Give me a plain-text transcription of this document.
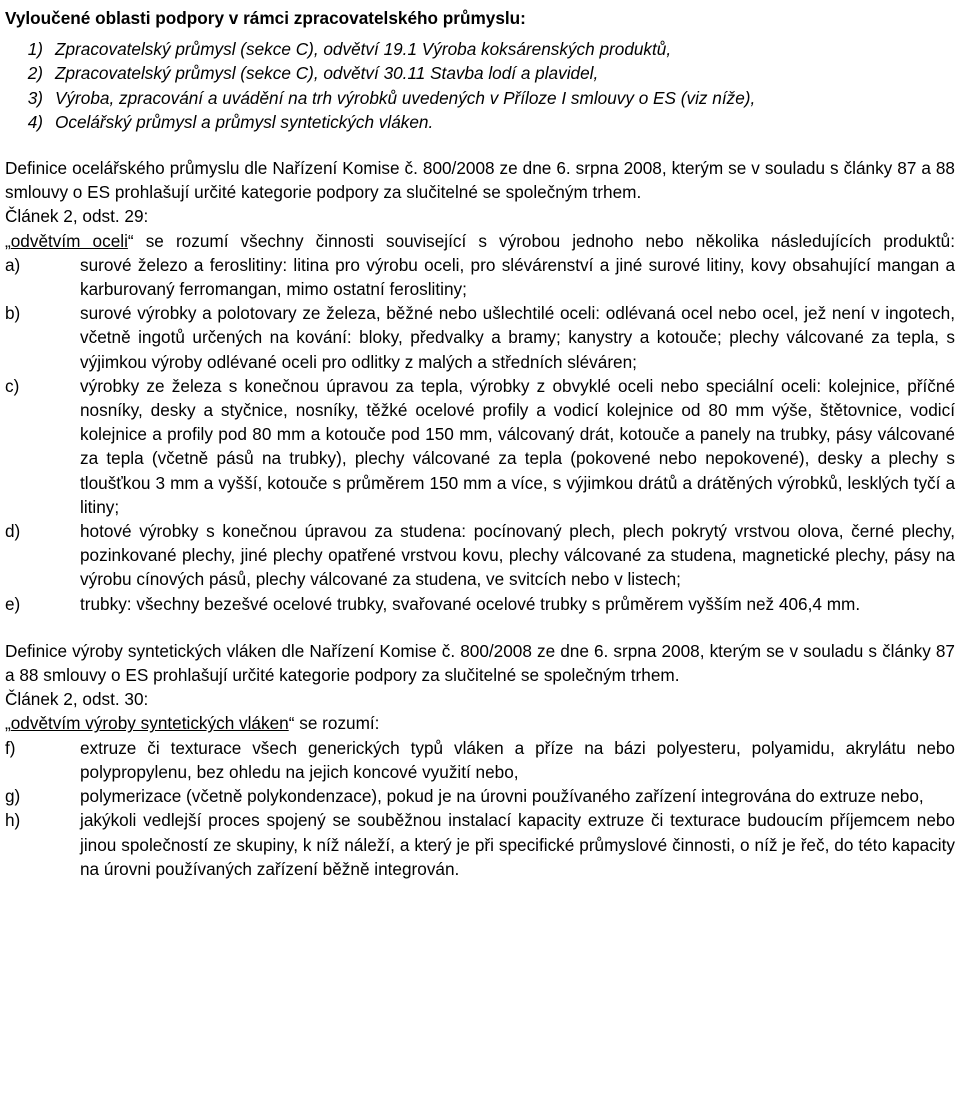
Vyloučené oblasti podpory v rámci zpracovatelského průmyslu:
1) Zpracovatelský průmysl (sekce C), odvětví 19.1 Výroba koksárenských produktů,
2) Zpracovatelský průmysl (sekce C), odvětví 30.11 Stavba lodí a plavidel,
3) Výroba, zpracování a uvádění na trh výrobků uvedených v Příloze I smlouvy o ES (viz níže),
4) Ocelářský průmysl a průmysl syntetických vláken.

Definice ocelářského průmyslu dle Nařízení Komise č. 800/2008 ze dne 6. srpna 2008, kterým se v souladu s články 87 a 88 smlouvy o ES prohlašují určité kategorie podpory za slučitelné se společným trhem.

Článek 2, odst. 29:

„odvětvím oceli“ se rozumí všechny činnosti související s výrobou jednoho nebo několika následujících produktů:

a)	surové železo a feroslitiny: litina pro výrobu oceli, pro slévárenství a jiné surové litiny, kovy obsahující mangan a karburovaný ferromangan, mimo ostatní feroslitiny;
b)	surové výrobky a polotovary ze železa, běžné nebo ušlechtilé oceli: odlévaná ocel nebo ocel, jež není v ingotech, včetně ingotů určených na kování: bloky, předvalky a bramy; kanystry a kotouče; plechy válcované za tepla, s výjimkou výroby odlévané oceli pro odlitky z malých a středních sléváren;
c)	výrobky ze železa s konečnou úpravou za tepla, výrobky z obvyklé oceli nebo speciální oceli: kolejnice, příčné nosníky, desky a styčnice, nosníky, těžké ocelové profily a vodicí kolejnice od 80 mm výše, štětovnice, vodicí kolejnice a profily pod 80 mm a kotouče pod 150 mm, válcovaný drát, kotouče a panely na trubky, pásy válcované za tepla (včetně pásů na trubky), plechy válcované za tepla (pokovené nebo nepokovené), desky a plechy s tloušťkou 3 mm a vyšší, kotouče s průměrem 150 mm a více, s výjimkou drátů a drátěných výrobků, lesklých tyčí a litiny;
d)	hotové výrobky s konečnou úpravou za studena: pocínovaný plech, plech pokrytý vrstvou olova, černé plechy, pozinkované plechy, jiné plechy opatřené vrstvou kovu, plechy válcované za studena, magnetické plechy, pásy na výrobu cínových pásů, plechy válcované za studena, ve svitcích nebo v listech;
e)	trubky: všechny bezešvé ocelové trubky, svařované ocelové trubky s průměrem vyšším než 406,4 mm.

Definice výroby syntetických vláken dle Nařízení Komise č. 800/2008 ze dne 6. srpna 2008, kterým se v souladu s články 87 a 88 smlouvy o ES prohlašují určité kategorie podpory za slučitelné se společným trhem.

Článek 2, odst. 30:

„odvětvím výroby syntetických vláken“ se rozumí:

f)	extruze či texturace všech generických typů vláken a příze na bázi polyesteru, polyamidu, akrylátu nebo polypropylenu, bez ohledu na jejich koncové využití nebo,
g)	polymerizace (včetně polykondenzace), pokud je na úrovni používaného zařízení integrována do extruze nebo,
h)	jakýkoli vedlejší proces spojený se souběžnou instalací kapacity extruze či texturace budoucím příjemcem nebo jinou společností ze skupiny, k níž náleží, a který je při specifické průmyslové činnosti, o níž je řeč, do této kapacity na úrovni používaných zařízení běžně integrován.
